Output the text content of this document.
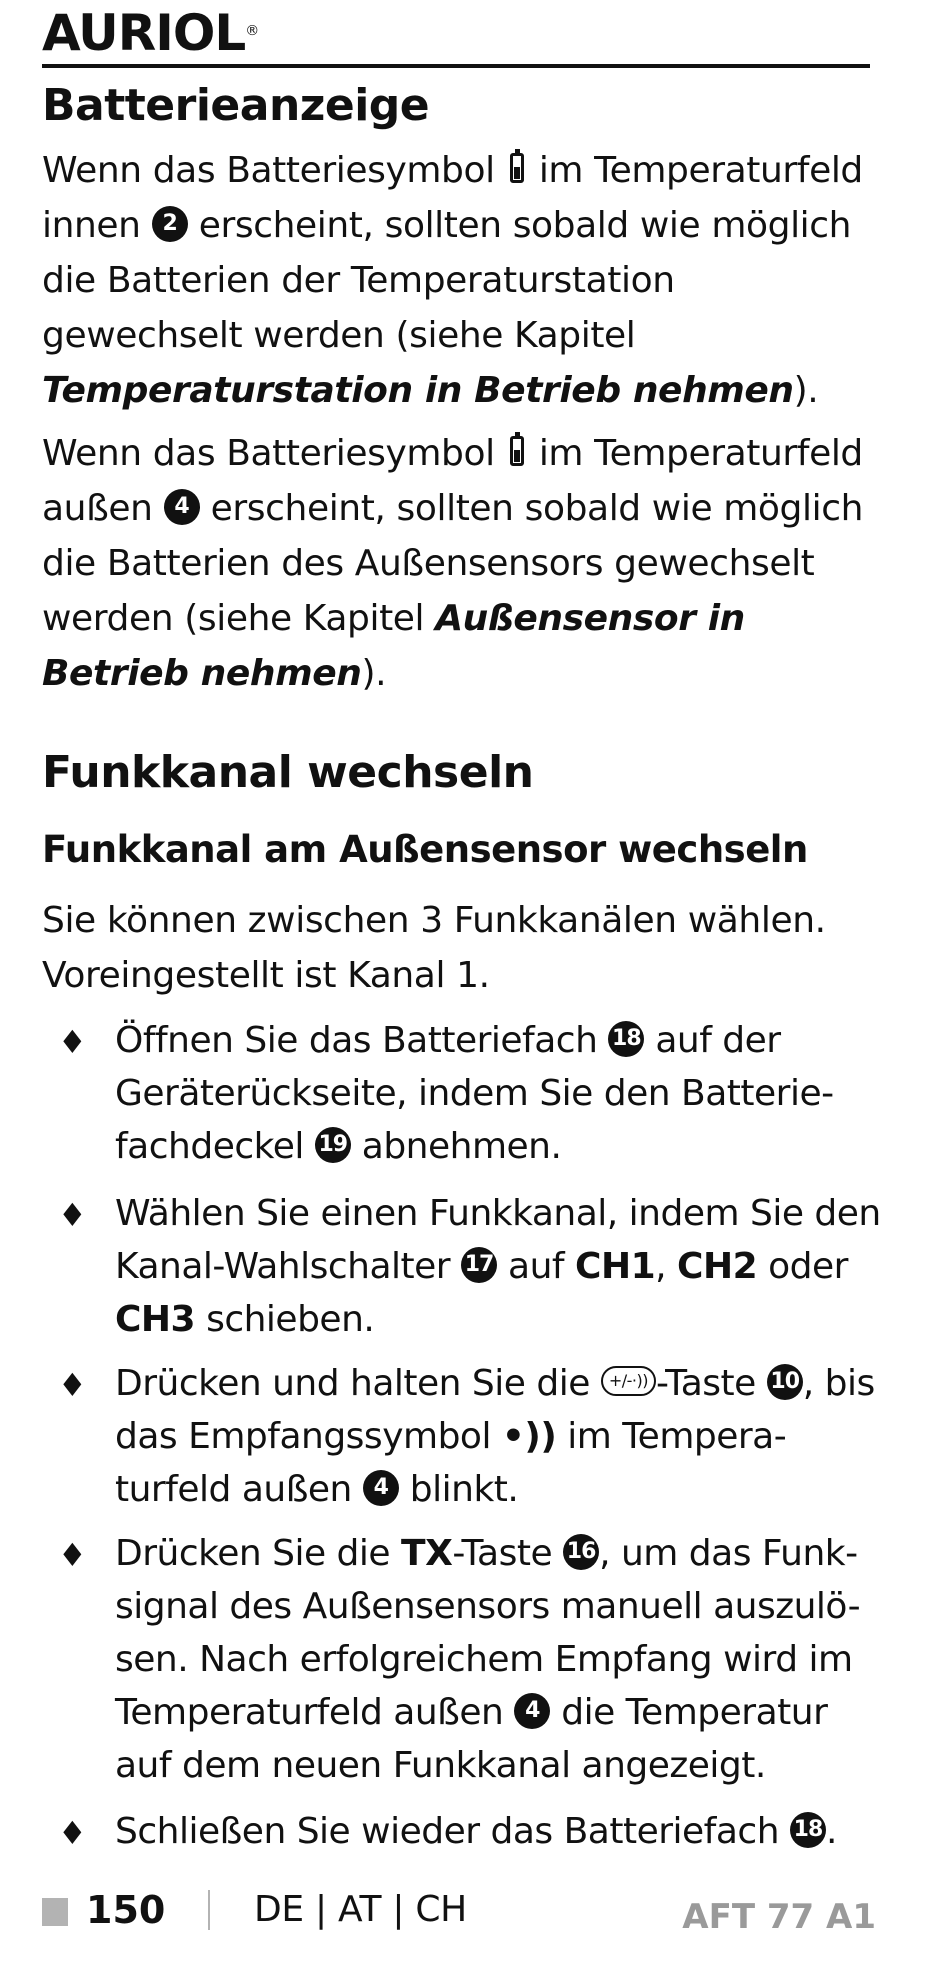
AURIOL®
Batterieanzeige
Wenn das Batteriesymbol im Temperaturfeld innen 2 erscheint, sollten sobald wie möglich die Batterien der Temperaturstation gewechselt werden (siehe Kapitel Temperaturstation in Betrieb nehmen).
Wenn das Batteriesymbol im Temperaturfeld außen 4 erscheint, sollten sobald wie möglich die Batterien des Außensensors gewechselt werden (siehe Kapitel Außensensor in Betrieb nehmen).
Funkkanal wechseln
Funkkanal am Außensensor wechseln
Sie können zwischen 3 Funkkanälen wählen. Voreingestellt ist Kanal 1.
♦ Öffnen Sie das Batteriefach 18 auf der Geräterückseite, indem Sie den Batterie-fachdeckel 19 abnehmen.
♦ Wählen Sie einen Funkkanal, indem Sie den Kanal-Wahlschalter 17 auf CH1, CH2 oder CH3 schieben.
♦ Drücken und halten Sie die +/-·)) -Taste 10 , bis das Empfangssymbol •)) im Tempera-turfeld außen 4 blinkt.
♦ Drücken Sie die TX-Taste 16 , um das Funk-signal des Außensensors manuell auszulö-sen. Nach erfolgreichem Empfang wird im Temperaturfeld außen 4 die Temperatur auf dem neuen Funkkanal angezeigt.
♦ Schließen Sie wieder das Batteriefach 18 .
150 DE | AT | CH	AFT 77 A1
